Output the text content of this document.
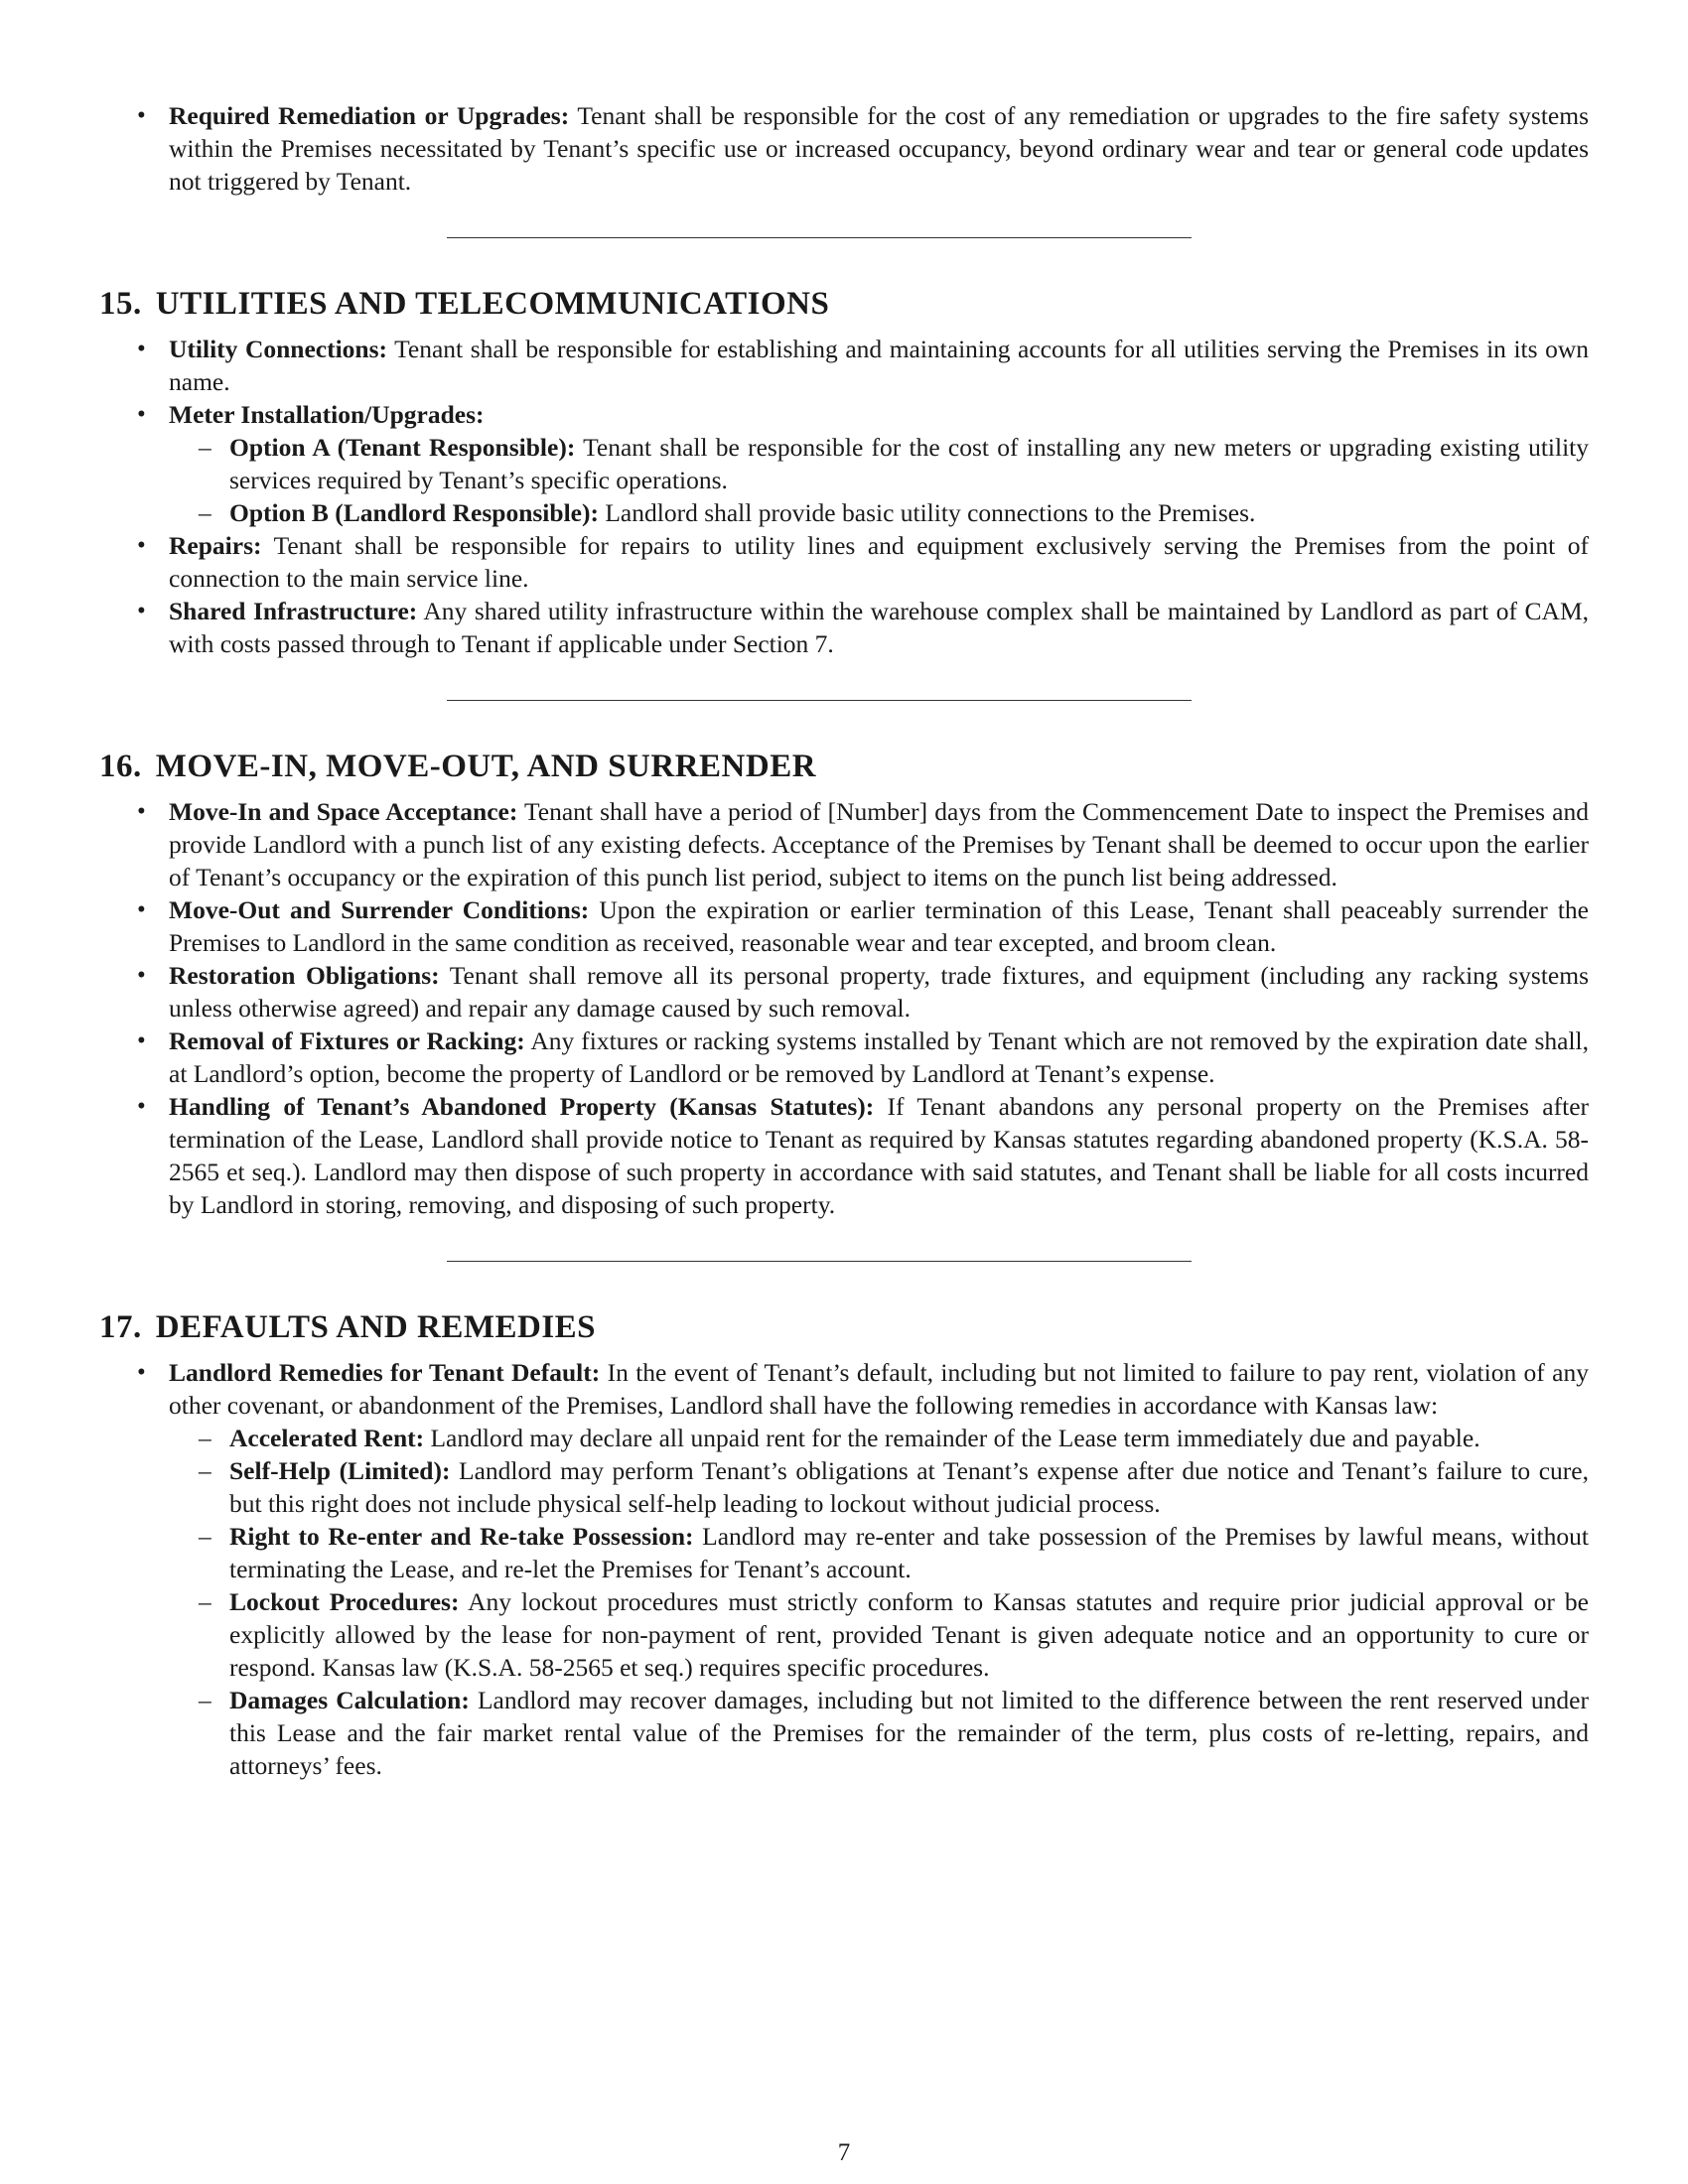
• Required Remediation or Upgrades: Tenant shall be responsible for the cost of any remediation or upgrades to the fire safety systems within the Premises necessitated by Tenant’s specific use or increased occupancy, beyond ordinary wear and tear or general code updates not triggered by Tenant.
15. UTILITIES AND TELECOMMUNICATIONS
• Utility Connections: Tenant shall be responsible for establishing and maintaining accounts for all utilities serving the Premises in its own name.
• Meter Installation/Upgrades:
– Option A (Tenant Responsible): Tenant shall be responsible for the cost of installing any new meters or upgrading existing utility services required by Tenant’s specific operations.
– Option B (Landlord Responsible): Landlord shall provide basic utility connections to the Premises.
• Repairs: Tenant shall be responsible for repairs to utility lines and equipment exclusively serving the Premises from the point of connection to the main service line.
• Shared Infrastructure: Any shared utility infrastructure within the warehouse complex shall be maintained by Landlord as part of CAM, with costs passed through to Tenant if applicable under Section 7.
16. MOVE-IN, MOVE-OUT, AND SURRENDER
• Move-In and Space Acceptance: Tenant shall have a period of [Number] days from the Commencement Date to inspect the Premises and provide Landlord with a punch list of any existing defects. Acceptance of the Premises by Tenant shall be deemed to occur upon the earlier of Tenant’s occupancy or the expiration of this punch list period, subject to items on the punch list being addressed.
• Move-Out and Surrender Conditions: Upon the expiration or earlier termination of this Lease, Tenant shall peaceably surrender the Premises to Landlord in the same condition as received, reasonable wear and tear excepted, and broom clean.
• Restoration Obligations: Tenant shall remove all its personal property, trade fixtures, and equipment (including any racking systems unless otherwise agreed) and repair any damage caused by such removal.
• Removal of Fixtures or Racking: Any fixtures or racking systems installed by Tenant which are not removed by the expiration date shall, at Landlord’s option, become the property of Landlord or be removed by Landlord at Tenant’s expense.
• Handling of Tenant’s Abandoned Property (Kansas Statutes): If Tenant abandons any personal property on the Premises after termination of the Lease, Landlord shall provide notice to Tenant as required by Kansas statutes regarding abandoned property (K.S.A. 58-2565 et seq.). Landlord may then dispose of such property in accordance with said statutes, and Tenant shall be liable for all costs incurred by Landlord in storing, removing, and disposing of such property.
17. DEFAULTS AND REMEDIES
• Landlord Remedies for Tenant Default: In the event of Tenant’s default, including but not limited to failure to pay rent, violation of any other covenant, or abandonment of the Premises, Landlord shall have the following remedies in accordance with Kansas law:
– Accelerated Rent: Landlord may declare all unpaid rent for the remainder of the Lease term immediately due and payable.
– Self-Help (Limited): Landlord may perform Tenant’s obligations at Tenant’s expense after due notice and Tenant’s failure to cure, but this right does not include physical self-help leading to lockout without judicial process.
– Right to Re-enter and Re-take Possession: Landlord may re-enter and take possession of the Premises by lawful means, without terminating the Lease, and re-let the Premises for Tenant’s account.
– Lockout Procedures: Any lockout procedures must strictly conform to Kansas statutes and require prior judicial approval or be explicitly allowed by the lease for non-payment of rent, provided Tenant is given adequate notice and an opportunity to cure or respond. Kansas law (K.S.A. 58-2565 et seq.) requires specific procedures.
– Damages Calculation: Landlord may recover damages, including but not limited to the difference between the rent reserved under this Lease and the fair market rental value of the Premises for the remainder of the term, plus costs of re-letting, repairs, and attorneys’ fees.
7
